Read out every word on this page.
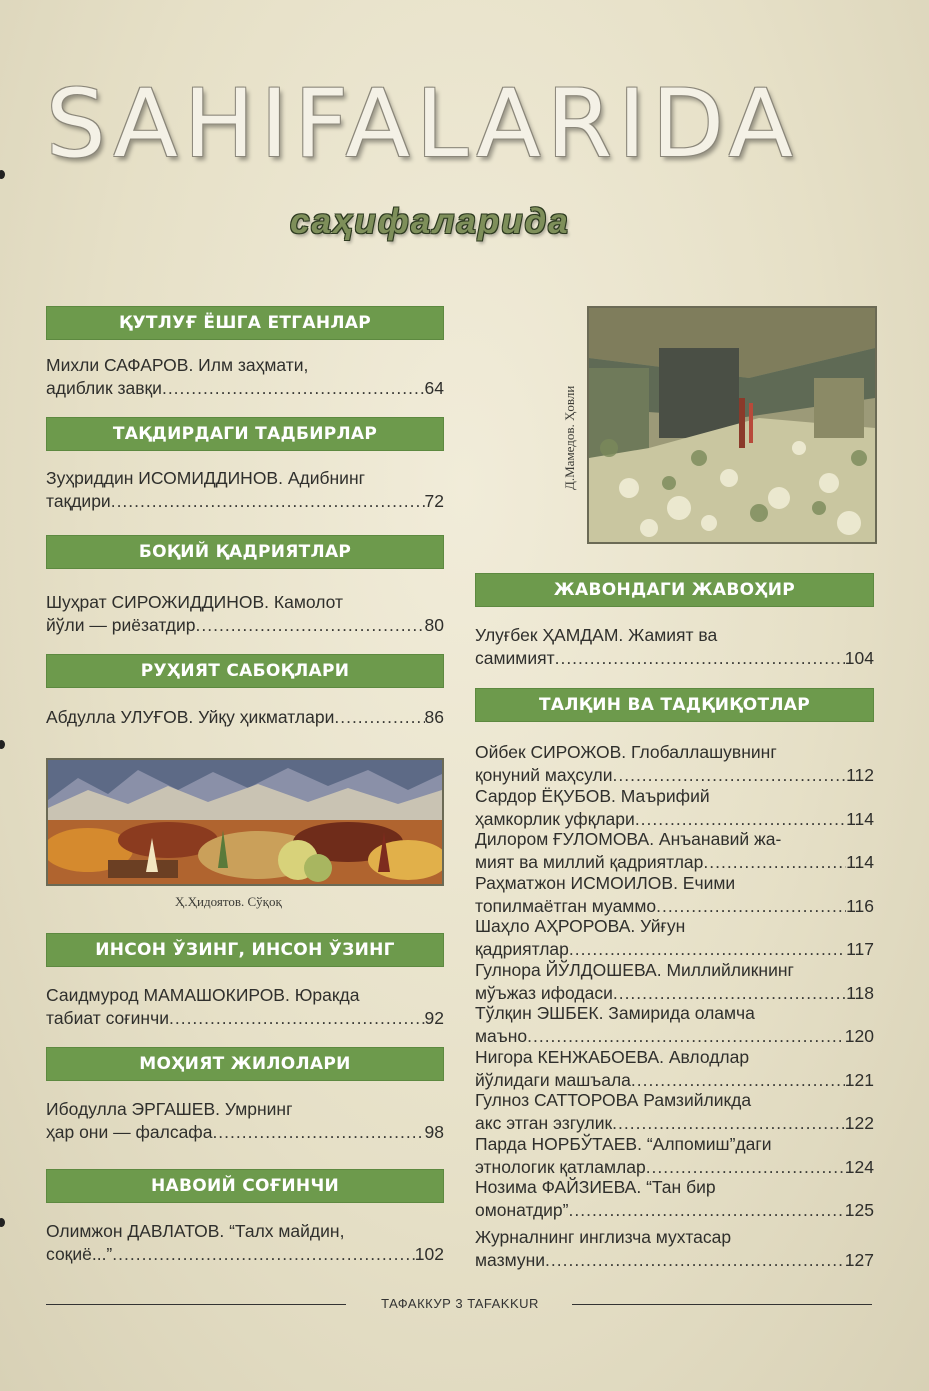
SAHIFALARIDA
саҳифаларида
ҚУТЛУҒ ЁШГА ЕТГАНЛАР
Михли САФАРОВ. Илм заҳмати,
адиблик завқи .....	64
ТАҚДИРДАГИ ТАДБИРЛАР
Зуҳриддин ИСОМИДДИНОВ. Адибнинг
тақдири .....	72
БОҚИЙ ҚАДРИЯТЛАР
Шуҳрат СИРОЖИДДИНОВ. Камолот
йўли — риёзатдир .....	80
РУҲИЯТ САБОҚЛАРИ
Абдулла УЛУҒОВ. Уйқу ҳикматлари .....	86
Ҳ.Ҳидоятов. Сўқоқ
ИНСОН ЎЗИНГ, ИНСОН ЎЗИНГ
Саидмурод МАМАШОКИРОВ. Юракда
табиат соғинчи .....	92
МОҲИЯТ ЖИЛОЛАРИ
Ибодулла ЭРГАШЕВ. Умрнинг
ҳар они — фалсафа .....	98
НАВОИЙ СОҒИНЧИ
Олимжон ДАВЛАТОВ. “Талх майдин,
соқиё...” .....	102
Д.Мамедов. Ҳовли
ЖАВОНДАГИ ЖАВОҲИР
Улуғбек ҲАМДАМ. Жамият ва
самимият .....	104
ТАЛҚИН ВА ТАДҚИҚОТЛАР
Ойбек СИРОЖОВ. Глобаллашувнинг
қонуний маҳсули .....	112
Сардор ЁҚУБОВ. Маърифий
ҳамкорлик уфқлари .....	114
Дилором ҒУЛОМОВА. Анъанавий жа-
мият ва миллий қадриятлар .....	114
Раҳматжон ИСМОИЛОВ. Ечими
топилмаётган муаммо .....	116
Шаҳло АҲРОРОВА. Уйғун
қадриятлар .....	117
Гулнора ЙЎЛДОШЕВА. Миллийликнинг
мўъжаз ифодаси .....	118
Тўлқин ЭШБЕК. Замирида оламча
маъно .....	120
Нигора КЕНЖАБОЕВА. Авлодлар
йўлидаги машъала .....	121
Гулноз САТТОРОВА Рамзийликда
акс этган эзгулик .....	122
Парда НОРБЎТАЕВ. “Алпомиш”даги
этнологик қатламлар .....	124
Нозима ФАЙЗИЕВА. “Тан бир
омонатдир” .....	125
Журналнинг инглизча мухтасар
мазмуни .....	127
ТАФАККУР 3 TAFAKKUR
